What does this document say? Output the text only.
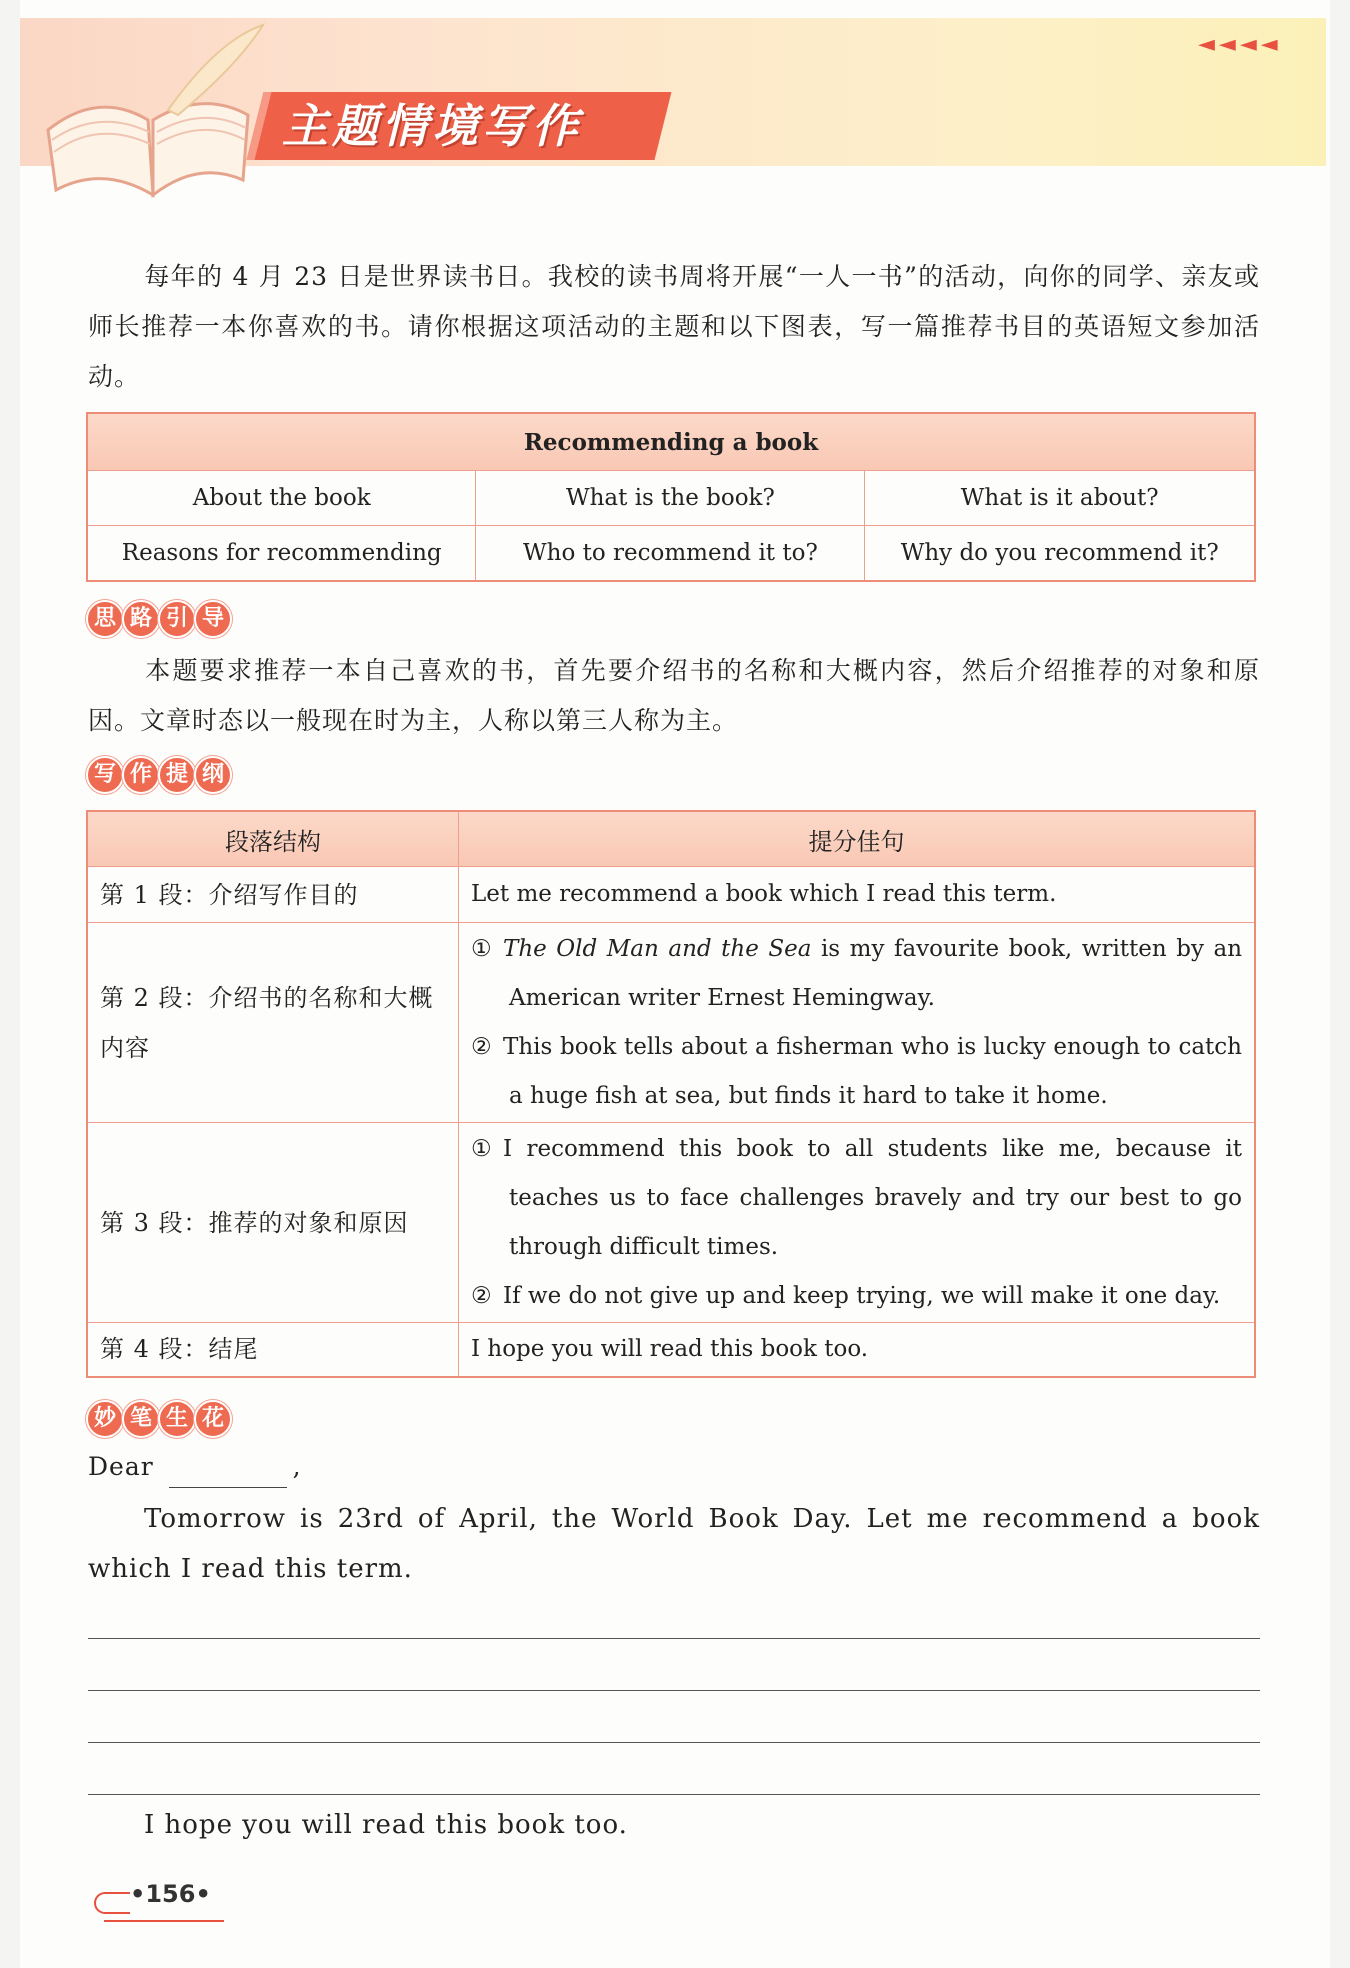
主题情境写作
◄◄◄◄
每年的 4 月 23 日是世界读书日。我校的读书周将开展“一人一书”的活动，向你的同学、亲友或师长推荐一本你喜欢的书。请你根据这项活动的主题和以下图表，写一篇推荐书目的英语短文参加活动。
Recommending a book		
About the book	What is the book?	What is it about?
Reasons for recommending	Who to recommend it to?	Why do you recommend it?
思 路 引 导
本题要求推荐一本自己喜欢的书，首先要介绍书的名称和大概内容，然后介绍推荐的对象和原因。文章时态以一般现在时为主，人称以第三人称为主。
写 作 提 纲
段落结构	提分佳句
第 1 段：介绍写作目的	Let me recommend a book which I read this term.
第 2 段：介绍书的名称和大概内容	① The Old Man and the Sea is my favourite book, written by an American writer Ernest Hemingway.
② This book tells about a fisherman who is lucky enough to catch a huge fish at sea, but finds it hard to take it home.

第 3 段：推荐的对象和原因	① I recommend this book to all students like me, because it teaches us to face challenges bravely and try our best to go through difficult times.
② If we do not give up and keep trying, we will make it one day.

第 4 段：结尾	I hope you will read this book too.
妙 笔 生 花
Dear	,
Tomorrow is 23rd of April, the World Book Day. Let me recommend a book which I read this term.
I hope you will read this book too.
•156•
